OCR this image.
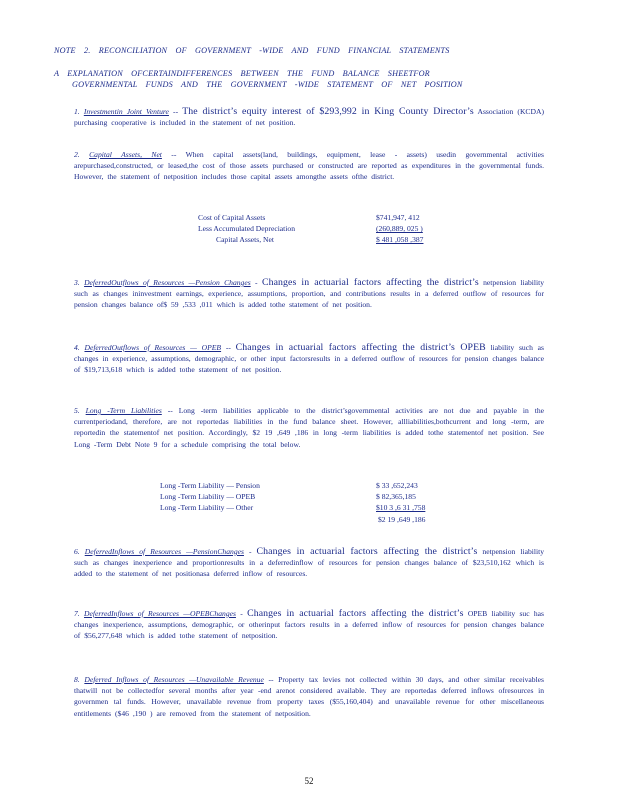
NOTE 2. RECONCILIATION OF GOVERNMENT -WIDE AND FUND FINANCIAL STATEMENTS
A EXPLANATION OFCERTAINDIFFERENCES BETWEEN THE FUND BALANCE SHEETFOR
GOVERNMENTAL FUNDS AND THE GOVERNMENT -WIDE STATEMENT OF NET POSITION
1. Investmentin Joint Venture -- The district’s equity interest of $293,992 in King County Director’s Association (KCDA) purchasing cooperative is included in the statement of net position.
2. Capital Assets, Net -- When capital assets(land, buildings, equipment, lease - assets) usedin governmental activities arepurchased,constructed, or leased,the cost of those assets purchased or constructed are reported as expenditures in the governmental funds. However, the statement of netposition includes those capital assets amongthe assets ofthe district.
Cost of Capital Assets	$741,947, 412
Less Accumulated Depreciation	(260,889, 025 )
Capital Assets, Net	$ 481 ,058 ,387
3. DeferredOutflows of Resources —Pension Changes - Changes in actuarial factors affecting the district’s netpension liability such as changes ininvestment earnings, experience, assumptions, proportion, and contributions results in a deferred outflow of resources for pension changes balance of$ 59 ,533 ,011 which is added tothe statement of net position.
4. DeferredOutflows of Resources — OPEB -- Changes in actuarial factors affecting the district’s OPEB liability such as changes in experience, assumptions, demographic, or other input factorsresults in a deferred outflow of resources for pension changes balance of $19,713,618 which is added tothe statement of net position.
5. Long -Term Liabilities -- Long -term liabilities applicable to the district’sgovernmental activities are not due and payable in the currentperiodand, therefore, are not reportedas liabilities in the fund balance sheet. However, allliabilities,bothcurrent and long -term, are reportedin the statementof net position. Accordingly, $2 19 ,649 ,186 in long -term liabilities is added tothe statementof net position. See Long -Term Debt Note 9 for a schedule comprising the total below.
Long -Term Liability — Pension	$ 33 ,652,243
Long -Term Liability — OPEB	$ 82,365,185
Long -Term Liability — Other	$10 3 ,6 31 ,758
$2 19 ,649 ,186
6. DeferredInflows of Resources —PensionChanges - Changes in actuarial factors affecting the district’s netpension liability such as changes inexperience and proportionresults in a deferredinflow of resources for pension changes balance of $23,510,162 which is added to the statement of net positionasa deferred inflow of resources.
7. DeferredInflows of Resources —OPEBChanges - Changes in actuarial factors affecting the district’s OPEB liability suc has changes inexperience, assumptions, demographic, or otherinput factors results in a deferred inflow of resources for pension changes balance of $56,277,648 which is added tothe statement of netposition.
8. Deferred Inflows of Resources —Unavailable Revenue -- Property tax levies not collected within 30 days, and other similar receivables thatwill not be collectedfor several months after year -end arenot considered available. They are reportedas deferred inflows ofresources in governmen tal funds. However, unavailable revenue from property taxes ($55,160,404) and unavailable revenue for other miscellaneous entitlements ($46 ,190 ) are removed from the statement of netposition.
52
